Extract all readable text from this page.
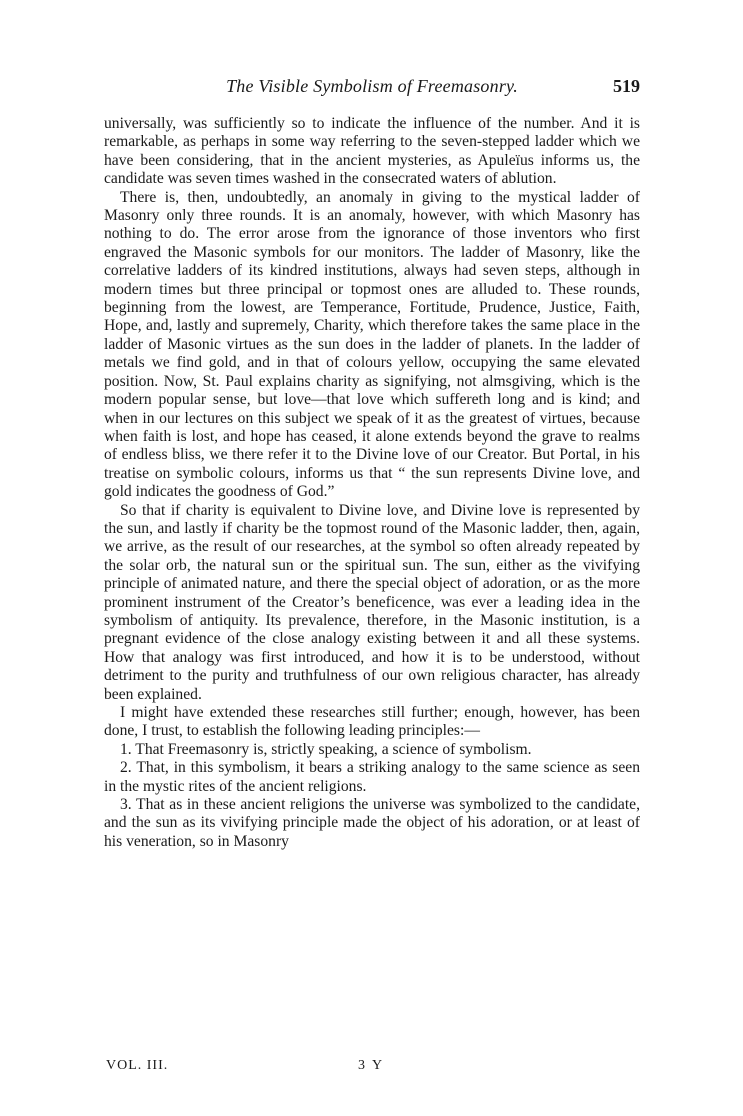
The Visible Symbolism of Freemasonry.	519

universally, was sufficiently so to indicate the influence of the number. And it is remarkable, as perhaps in some way referring to the seven-stepped ladder which we have been considering, that in the ancient mysteries, as Apuleïus informs us, the candidate was seven times washed in the consecrated waters of ablution.

There is, then, undoubtedly, an anomaly in giving to the mystical ladder of Masonry only three rounds. It is an anomaly, however, with which Masonry has nothing to do. The error arose from the ignorance of those inventors who first engraved the Masonic symbols for our monitors. The ladder of Masonry, like the correlative ladders of its kindred institutions, always had seven steps, although in modern times but three principal or topmost ones are alluded to. These rounds, beginning from the lowest, are Temperance, Fortitude, Prudence, Justice, Faith, Hope, and, lastly and supremely, Charity, which therefore takes the same place in the ladder of Masonic virtues as the sun does in the ladder of planets. In the ladder of metals we find gold, and in that of colours yellow, occupying the same elevated position. Now, St. Paul explains charity as signifying, not almsgiving, which is the modern popular sense, but love—that love which suffereth long and is kind; and when in our lectures on this subject we speak of it as the greatest of virtues, because when faith is lost, and hope has ceased, it alone extends beyond the grave to realms of endless bliss, we there refer it to the Divine love of our Creator. But Portal, in his treatise on symbolic colours, informs us that “ the sun represents Divine love, and gold indicates the goodness of God.”

So that if charity is equivalent to Divine love, and Divine love is represented by the sun, and lastly if charity be the topmost round of the Masonic ladder, then, again, we arrive, as the result of our researches, at the symbol so often already repeated by the solar orb, the natural sun or the spiritual sun. The sun, either as the vivifying principle of animated nature, and there the special object of adoration, or as the more prominent instrument of the Creator’s beneficence, was ever a leading idea in the symbolism of antiquity. Its prevalence, therefore, in the Masonic institution, is a pregnant evidence of the close analogy existing between it and all these systems. How that analogy was first introduced, and how it is to be understood, without detriment to the purity and truthfulness of our own religious character, has already been explained.

I might have extended these researches still further; enough, however, has been done, I trust, to establish the following leading principles:—

1. That Freemasonry is, strictly speaking, a science of symbolism.

2. That, in this symbolism, it bears a striking analogy to the same science as seen in the mystic rites of the ancient religions.

3. That as in these ancient religions the universe was symbolized to the candidate, and the sun as its vivifying principle made the object of his adoration, or at least of his veneration, so in Masonry

VOL. III.	3 Y
